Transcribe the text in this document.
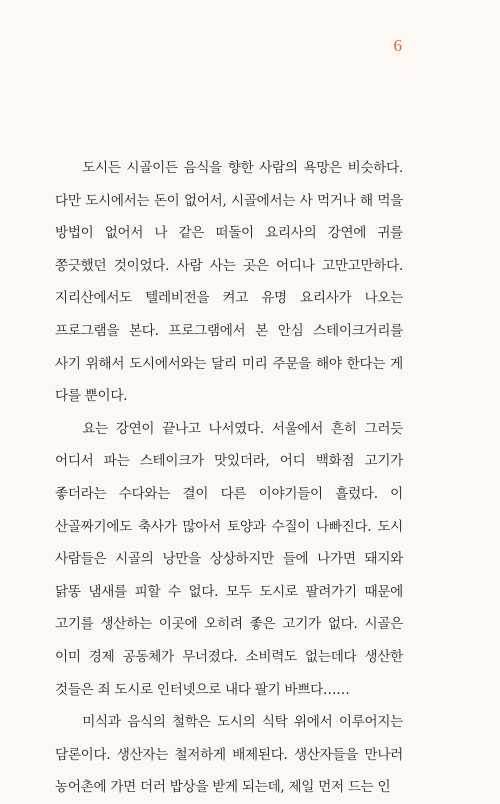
6

도시든 시골이든 음식을 향한 사람의 욕망은 비슷하다. 다만 도시에서는 돈이 없어서, 시골에서는 사 먹거나 해 먹을 방법이 없어서 나 같은 떠돌이 요리사의 강연에 귀를 쫑긋했던 것이었다. 사람 사는 곳은 어디나 고만고만하다. 지리산에서도 텔레비전을 켜고 유명 요리사가 나오는 프로그램을 본다. 프로그램에서 본 안심 스테이크거리를 사기 위해서 도시에서와는 달리 미리 주문을 해야 한다는 게 다를 뿐이다.

요는 강연이 끝나고 나서였다. 서울에서 흔히 그러듯 어디서 파는 스테이크가 맛있더라, 어디 백화점 고기가 좋더라는 수다와는 결이 다른 이야기들이 흘렀다. 이 산골짜기에도 축사가 많아서 토양과 수질이 나빠진다. 도시 사람들은 시골의 낭만을 상상하지만 들에 나가면 돼지와 닭똥 냄새를 피할 수 없다. 모두 도시로 팔려가기 때문에 고기를 생산하는 이곳에 오히려 좋은 고기가 없다. 시골은 이미 경제 공동체가 무너졌다. 소비력도 없는데다 생산한 것들은 죄 도시로 인터넷으로 내다 팔기 바쁘다……

미식과 음식의 철학은 도시의 식탁 위에서 이루어지는 담론이다. 생산자는 철저하게 배제된다. 생산자들을 만나러 농어촌에 가면 더러 밥상을 받게 되는데, 제일 먼저 드는 인
